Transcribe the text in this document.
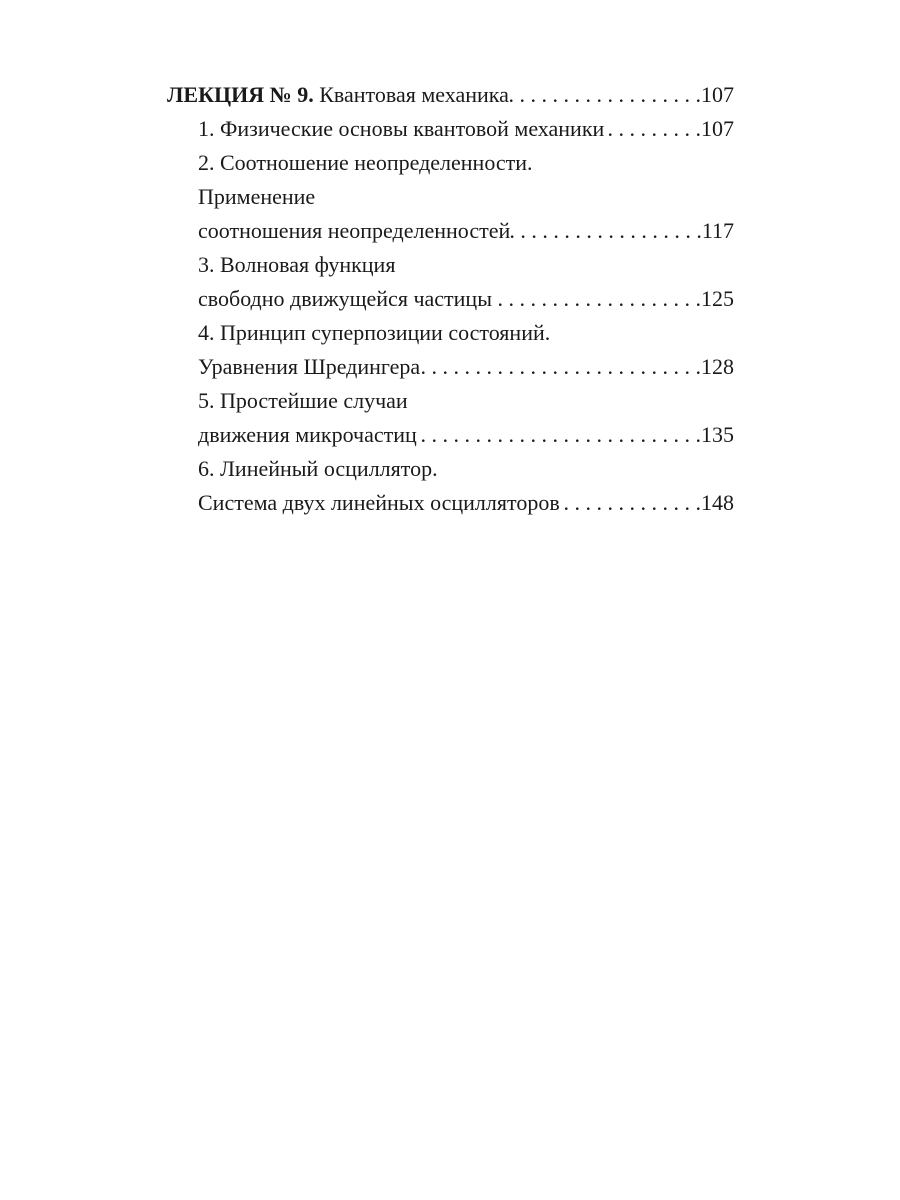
ЛЕКЦИЯ № 9. Квантовая механика . . .	107
1. Физические основы квантовой механики . . .	107
2. Соотношение неопределенности.
Применение
соотношения неопределенностей . . .	117
3. Волновая функция
свободно движущейся частицы . . .	125
4. Принцип суперпозиции состояний.
Уравнения Шредингера . . .	128
5. Простейшие случаи
движения микрочастиц . . .	135
6. Линейный осциллятор.
Система двух линейных осцилляторов . . .	148
